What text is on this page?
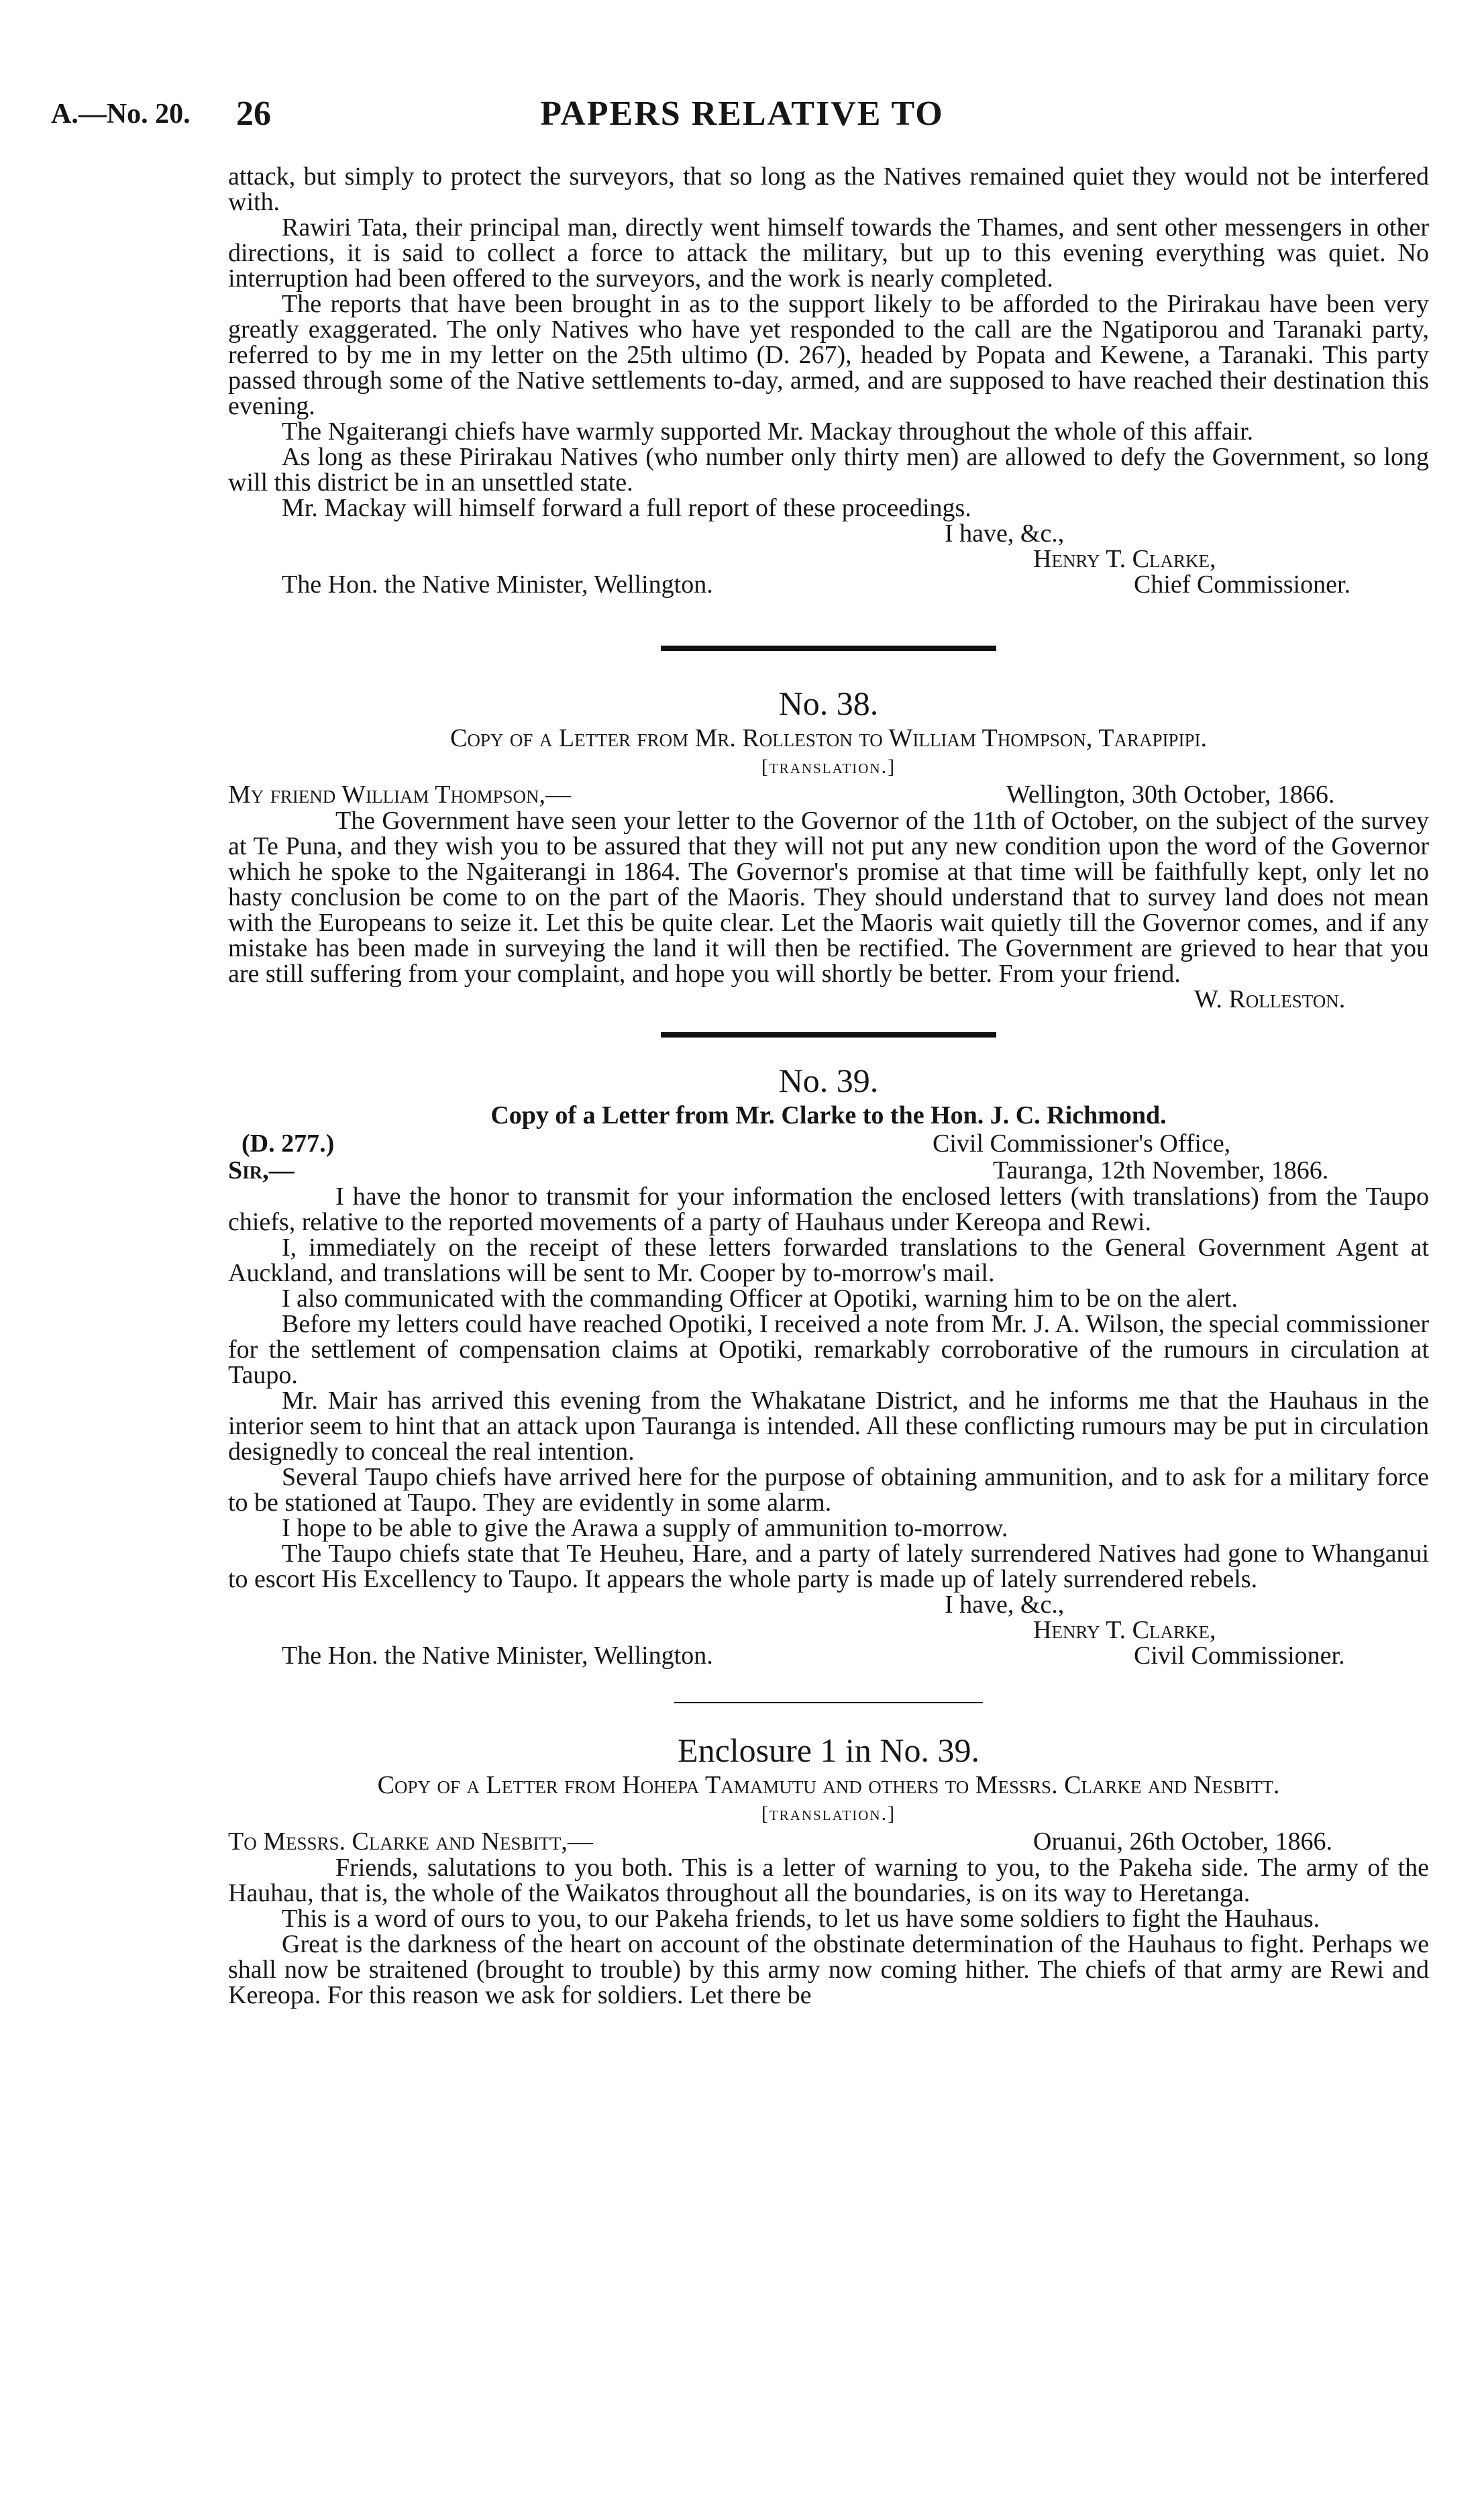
A.—No. 20. 26	PAPERS RELATIVE TO

attack, but simply to protect the surveyors, that so long as the Natives remained quiet they would not be interfered with.

Rawiri Tata, their principal man, directly went himself towards the Thames, and sent other messengers in other directions, it is said to collect a force to attack the military, but up to this evening everything was quiet. No interruption had been offered to the surveyors, and the work is nearly completed.

The reports that have been brought in as to the support likely to be afforded to the Pirirakau have been very greatly exaggerated. The only Natives who have yet responded to the call are the Ngatiporou and Taranaki party, referred to by me in my letter on the 25th ultimo (D. 267), headed by Popata and Kewene, a Taranaki. This party passed through some of the Native settlements to-day, armed, and are supposed to have reached their destination this evening.

The Ngaiterangi chiefs have warmly supported Mr. Mackay throughout the whole of this affair.

As long as these Pirirakau Natives (who number only thirty men) are allowed to defy the Government, so long will this district be in an unsettled state.

Mr. Mackay will himself forward a full report of these proceedings.

I have, &c.,
Henry T. Clarke,
The Hon. the Native Minister, Wellington.	Chief Commissioner.

No. 38.

Copy of a Letter from Mr. Rolleston to William Thompson, Tarapipipi.

[translation.]

My friend William Thompson,—	Wellington, 30th October, 1866.

The Government have seen your letter to the Governor of the 11th of October, on the subject of the survey at Te Puna, and they wish you to be assured that they will not put any new condition upon the word of the Governor which he spoke to the Ngaiterangi in 1864. The Governor's promise at that time will be faithfully kept, only let no hasty conclusion be come to on the part of the Maoris. They should understand that to survey land does not mean with the Europeans to seize it. Let this be quite clear. Let the Maoris wait quietly till the Governor comes, and if any mistake has been made in surveying the land it will then be rectified. The Government are grieved to hear that you are still suffering from your complaint, and hope you will shortly be better. From your friend.

W. Rolleston.

No. 39.

Copy of a Letter from Mr. Clarke to the Hon. J. C. Richmond.

(D. 277.)	Civil Commissioner's Office,
Sir,—	Tauranga, 12th November, 1866.

I have the honor to transmit for your information the enclosed letters (with translations) from the Taupo chiefs, relative to the reported movements of a party of Hauhaus under Kereopa and Rewi.

I, immediately on the receipt of these letters forwarded translations to the General Government Agent at Auckland, and translations will be sent to Mr. Cooper by to-morrow's mail.

I also communicated with the commanding Officer at Opotiki, warning him to be on the alert.

Before my letters could have reached Opotiki, I received a note from Mr. J. A. Wilson, the special commissioner for the settlement of compensation claims at Opotiki, remarkably corroborative of the rumours in circulation at Taupo.

Mr. Mair has arrived this evening from the Whakatane District, and he informs me that the Hauhaus in the interior seem to hint that an attack upon Tauranga is intended. All these conflicting rumours may be put in circulation designedly to conceal the real intention.

Several Taupo chiefs have arrived here for the purpose of obtaining ammunition, and to ask for a military force to be stationed at Taupo. They are evidently in some alarm.

I hope to be able to give the Arawa a supply of ammunition to-morrow.

The Taupo chiefs state that Te Heuheu, Hare, and a party of lately surrendered Natives had gone to Whanganui to escort His Excellency to Taupo. It appears the whole party is made up of lately surrendered rebels.

I have, &c.,
Henry T. Clarke,
The Hon. the Native Minister, Wellington.	Civil Commissioner.

Enclosure 1 in No. 39.

Copy of a Letter from Hohepa Tamamutu and others to Messrs. Clarke and Nesbitt.

[translation.]

To Messrs. Clarke and Nesbitt,—	Oruanui, 26th October, 1866.

Friends, salutations to you both. This is a letter of warning to you, to the Pakeha side. The army of the Hauhau, that is, the whole of the Waikatos throughout all the boundaries, is on its way to Heretanga.

This is a word of ours to you, to our Pakeha friends, to let us have some soldiers to fight the Hauhaus.

Great is the darkness of the heart on account of the obstinate determination of the Hauhaus to fight. Perhaps we shall now be straitened (brought to trouble) by this army now coming hither. The chiefs of that army are Rewi and Kereopa. For this reason we ask for soldiers. Let there be
